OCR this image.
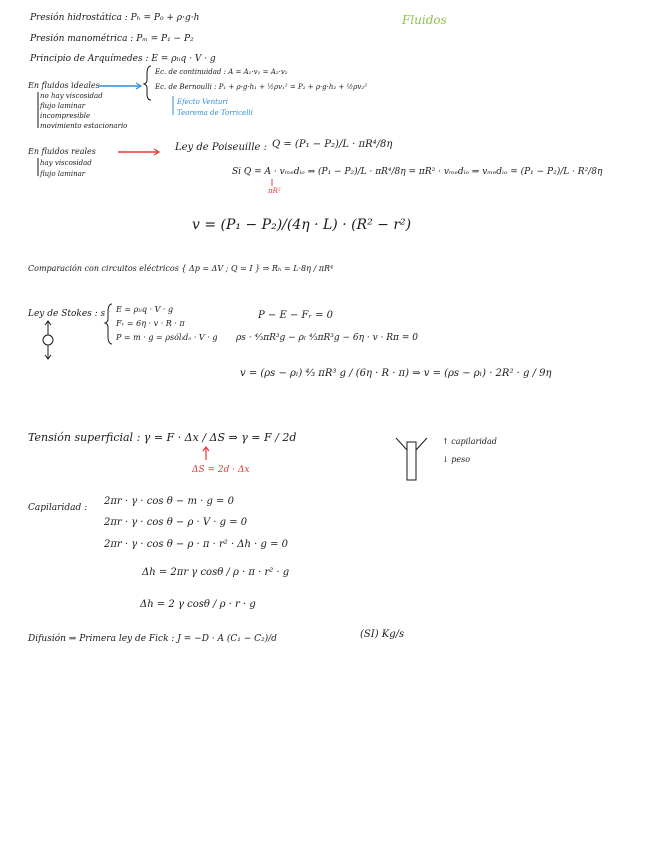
Fluidos
Presión hidrostática : Pₕ = P₀ + ρ·g·h
Presión manométrica : Pₘ = P₁ − P₂
Principio de Arquímedes : E = ρₗᵢq · V · g
En fluidos ideales
no hay viscosidad
flujo laminar
incompresible
movimiento estacionario
Ec. de continuidad : A = A₁·v₁ = A₂·v₂
Ec. de Bernoulli : P₁ + ρ·g·h₁ + ½ρv₁² = P₂ + ρ·g·h₂ + ½ρv₂²
Efecto Venturi
Teorema de Torricelli
En fluidos reales
hay viscosidad
flujo laminar
Ley de Poiseuille : Q = (P₁ − P₂)/L · πR⁴/8η
Si Q = A · vₘₑdᵢₒ ⇒ (P₁ − P₂)/L · πR⁴/8η = πR² · vₘₑdᵢₒ ⇒ vₘₑdᵢₒ = (P₁ − P₂)/L · R²/8η
πR²
v = (P₁ − P₂)/(4η · L) · (R² − r²)
Comparación con circuitos eléctricos { Δp = ΔV ; Q = I } ⇒ Rₕ = L·8η / πR⁴
Ley de Stokes : s E = ρₗᵢq · V · g
Fᵣ = 6η · v · R · π
P = m · g = ρsólᵢdₒ · V · g
P − E − Fᵣ = 0
ρs · ⁴⁄₃πR³g − ρₗ ⁴⁄₃πR³g − 6η · v · Rπ = 0
v = (ρs − ρₗ) ⁴⁄₃ πR³ g / (6η · R · π) ⇒ v = (ρs − ρₗ) · 2R² · g / 9η
Tensión superficial : γ = F · Δx / ΔS ⇒ γ = F / 2d
ΔS = 2d · Δx
↑ capilaridad
↓ peso
Capilaridad :
2πr · γ · cos θ − m · g = 0
2πr · γ · cos θ − ρ · V · g = 0
2πr · γ · cos θ − ρ · π · r² · Δh · g = 0
Δh = 2πr γ cosθ / ρ · π · r² · g
Δh = 2 γ cosθ / ρ · r · g
Difusión ⇒ Primera ley de Fick : J = −D · A (C₁ − C₂)/d	(SI) Kg/s
